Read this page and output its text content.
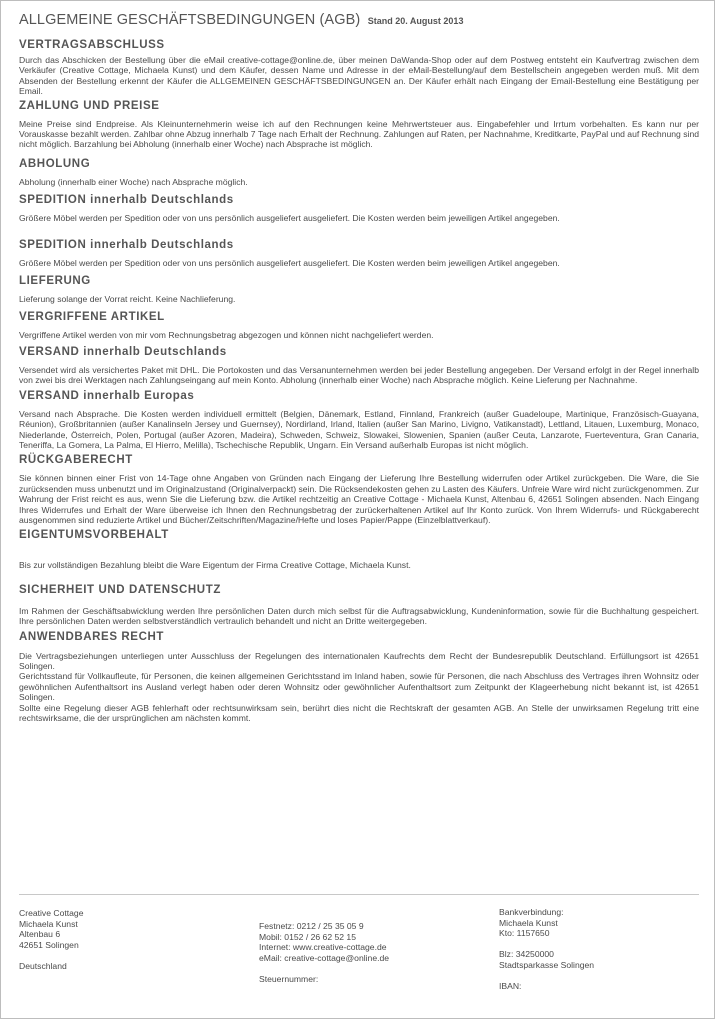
ALLGEMEINE GESCHÄFTSBEDINGUNGEN (AGB) Stand 20. August 2013
VERTRAGSABSCHLUSS

Durch das Abschicken der Bestellung über die eMail creative-cottage@online.de, über meinen DaWanda-Shop oder auf dem Postweg entsteht ein Kaufvertrag zwischen dem Verkäufer (Creative Cottage, Michaela Kunst) und dem Käufer, dessen Name und Adresse in der eMail-Bestellung/auf dem Bestellschein angegeben werden muß. Mit dem Absenden der Bestellung erkennt der Käufer die ALLGEMEINEN GESCHÄFTSBEDINGUNGEN an. Der Käufer erhält nach Eingang der Email-Bestellung eine Bestätigung per Email.

ZAHLUNG UND PREISE

Meine Preise sind Endpreise. Als Kleinunternehmerin weise ich auf den Rechnungen keine Mehrwertsteuer aus. Eingabefehler und Irrtum vorbehalten. Es kann nur per Vorauskasse bezahlt werden. Zahlbar ohne Abzug innerhalb 7 Tage nach Erhalt der Rechnung. Zahlungen auf Raten, per Nachnahme, Kreditkarte, PayPal und auf Rechnung sind nicht möglich. Barzahlung bei Abholung (innerhalb einer Woche) nach Absprache ist möglich.

ABHOLUNG

Abholung (innerhalb einer Woche) nach Absprache möglich.

SPEDITION innerhalb Deutschlands

Größere Möbel werden per Spedition oder von uns persönlich ausgeliefert ausgeliefert. Die Kosten werden beim jeweiligen Artikel angegeben.

SPEDITION innerhalb Deutschlands

Größere Möbel werden per Spedition oder von uns persönlich ausgeliefert ausgeliefert. Die Kosten werden beim jeweiligen Artikel angegeben.

LIEFERUNG

Lieferung solange der Vorrat reicht. Keine Nachlieferung.

VERGRIFFENE ARTIKEL

Vergriffene Artikel werden von mir vom Rechnungsbetrag abgezogen und können nicht nachgeliefert werden.

VERSAND innerhalb Deutschlands

Versendet wird als versichertes Paket mit DHL. Die Portokosten und das Versanunternehmen werden bei jeder Bestellung angegeben. Der Versand erfolgt in der Regel innerhalb von zwei bis drei Werktagen nach Zahlungseingang auf mein Konto. Abholung (innerhalb einer Woche) nach Absprache möglich. Keine Lieferung per Nachnahme.

VERSAND innerhalb Europas

Versand nach Absprache. Die Kosten werden individuell ermittelt (Belgien, Dänemark, Estland, Finnland, Frankreich (außer Guadeloupe, Martinique, Französisch-Guayana, Réunion), Großbritannien (außer Kanalinseln Jersey und Guernsey), Nordirland, Irland, Italien (außer San Marino, Livigno, Vatikanstadt), Lettland, Litauen, Luxemburg, Monaco, Niederlande, Österreich, Polen, Portugal (außer Azoren, Madeira), Schweden, Schweiz, Slowakei, Slowenien, Spanien (außer Ceuta, Lanzarote, Fuerteventura, Gran Canaria, Teneriffa, La Gomera, La Palma, El Hierro, Melilla), Tschechische Republik, Ungarn. Ein Versand außerhalb Europas ist nicht möglich.

RÜCKGABERECHT

Sie können binnen einer Frist von 14-Tage ohne Angaben von Gründen nach Eingang der Lieferung Ihre Bestellung widerrufen oder Artikel zurückgeben. Die Ware, die Sie zurücksenden muss unbenutzt und im Originalzustand (Originalverpackt) sein. Die Rücksendekosten gehen zu Lasten des Käufers. Unfreie Ware wird nicht zurückgenommen. Zur Wahrung der Frist reicht es aus, wenn Sie die Lieferung bzw. die Artikel rechtzeitig an Creative Cottage - Michaela Kunst, Altenbau 6, 42651 Solingen absenden. Nach Eingang Ihres Widerrufes und Erhalt der Ware überweise ich Ihnen den Rechnungsbetrag der zurückerhaltenen Artikel auf Ihr Konto zurück. Von Ihrem Widerrufs- und Rückgaberecht ausgenommen sind reduzierte Artikel und Bücher/Zeitschriften/Magazine/Hefte und loses Papier/Pappe (Einzelblattverkauf).

EIGENTUMSVORBEHALT

Bis zur vollständigen Bezahlung bleibt die Ware Eigentum der Firma Creative Cottage, Michaela Kunst.

SICHERHEIT UND DATENSCHUTZ

Im Rahmen der Geschäftsabwicklung werden Ihre persönlichen Daten durch mich selbst für die Auftragsabwicklung, Kundeninformation, sowie für die Buchhaltung gespeichert. Ihre persönlichen Daten werden selbstverständlich vertraulich behandelt und nicht an Dritte weitergegeben.

ANWENDBARES RECHT

Die Vertragsbeziehungen unterliegen unter Ausschluss der Regelungen des internationalen Kaufrechts dem Recht der Bundesrepublik Deutschland. Erfüllungsort ist 42651 Solingen.

Gerichtsstand für Vollkaufleute, für Personen, die keinen allgemeinen Gerichtsstand im Inland haben, sowie für Personen, die nach Abschluss des Vertrages ihren Wohnsitz oder gewöhnlichen Aufenthaltsort ins Ausland verlegt haben oder deren Wohnsitz oder gewöhnlicher Aufenthaltsort zum Zeitpunkt der Klageerhebung nicht bekannt ist, ist 42651 Solingen.

Sollte eine Regelung dieser AGB fehlerhaft oder rechtsunwirksam sein, berührt dies nicht die Rechtskraft der gesamten AGB. An Stelle der unwirksamen Regelung tritt eine rechtswirksame, die der ursprünglichen am nächsten kommt.

Creative Cottage
Michaela Kunst
Altenbau 6
42651 Solingen
Deutschland
Festnetz: 0212 / 25 35 05 9
Mobil: 0152 / 26 62 52 15
Internet: www.creative-cottage.de
eMail: creative-cottage@online.de
Steuernummer:
Bankverbindung:
Michaela Kunst
Kto: 1157650
Blz: 34250000
Stadtsparkasse Solingen
IBAN:
